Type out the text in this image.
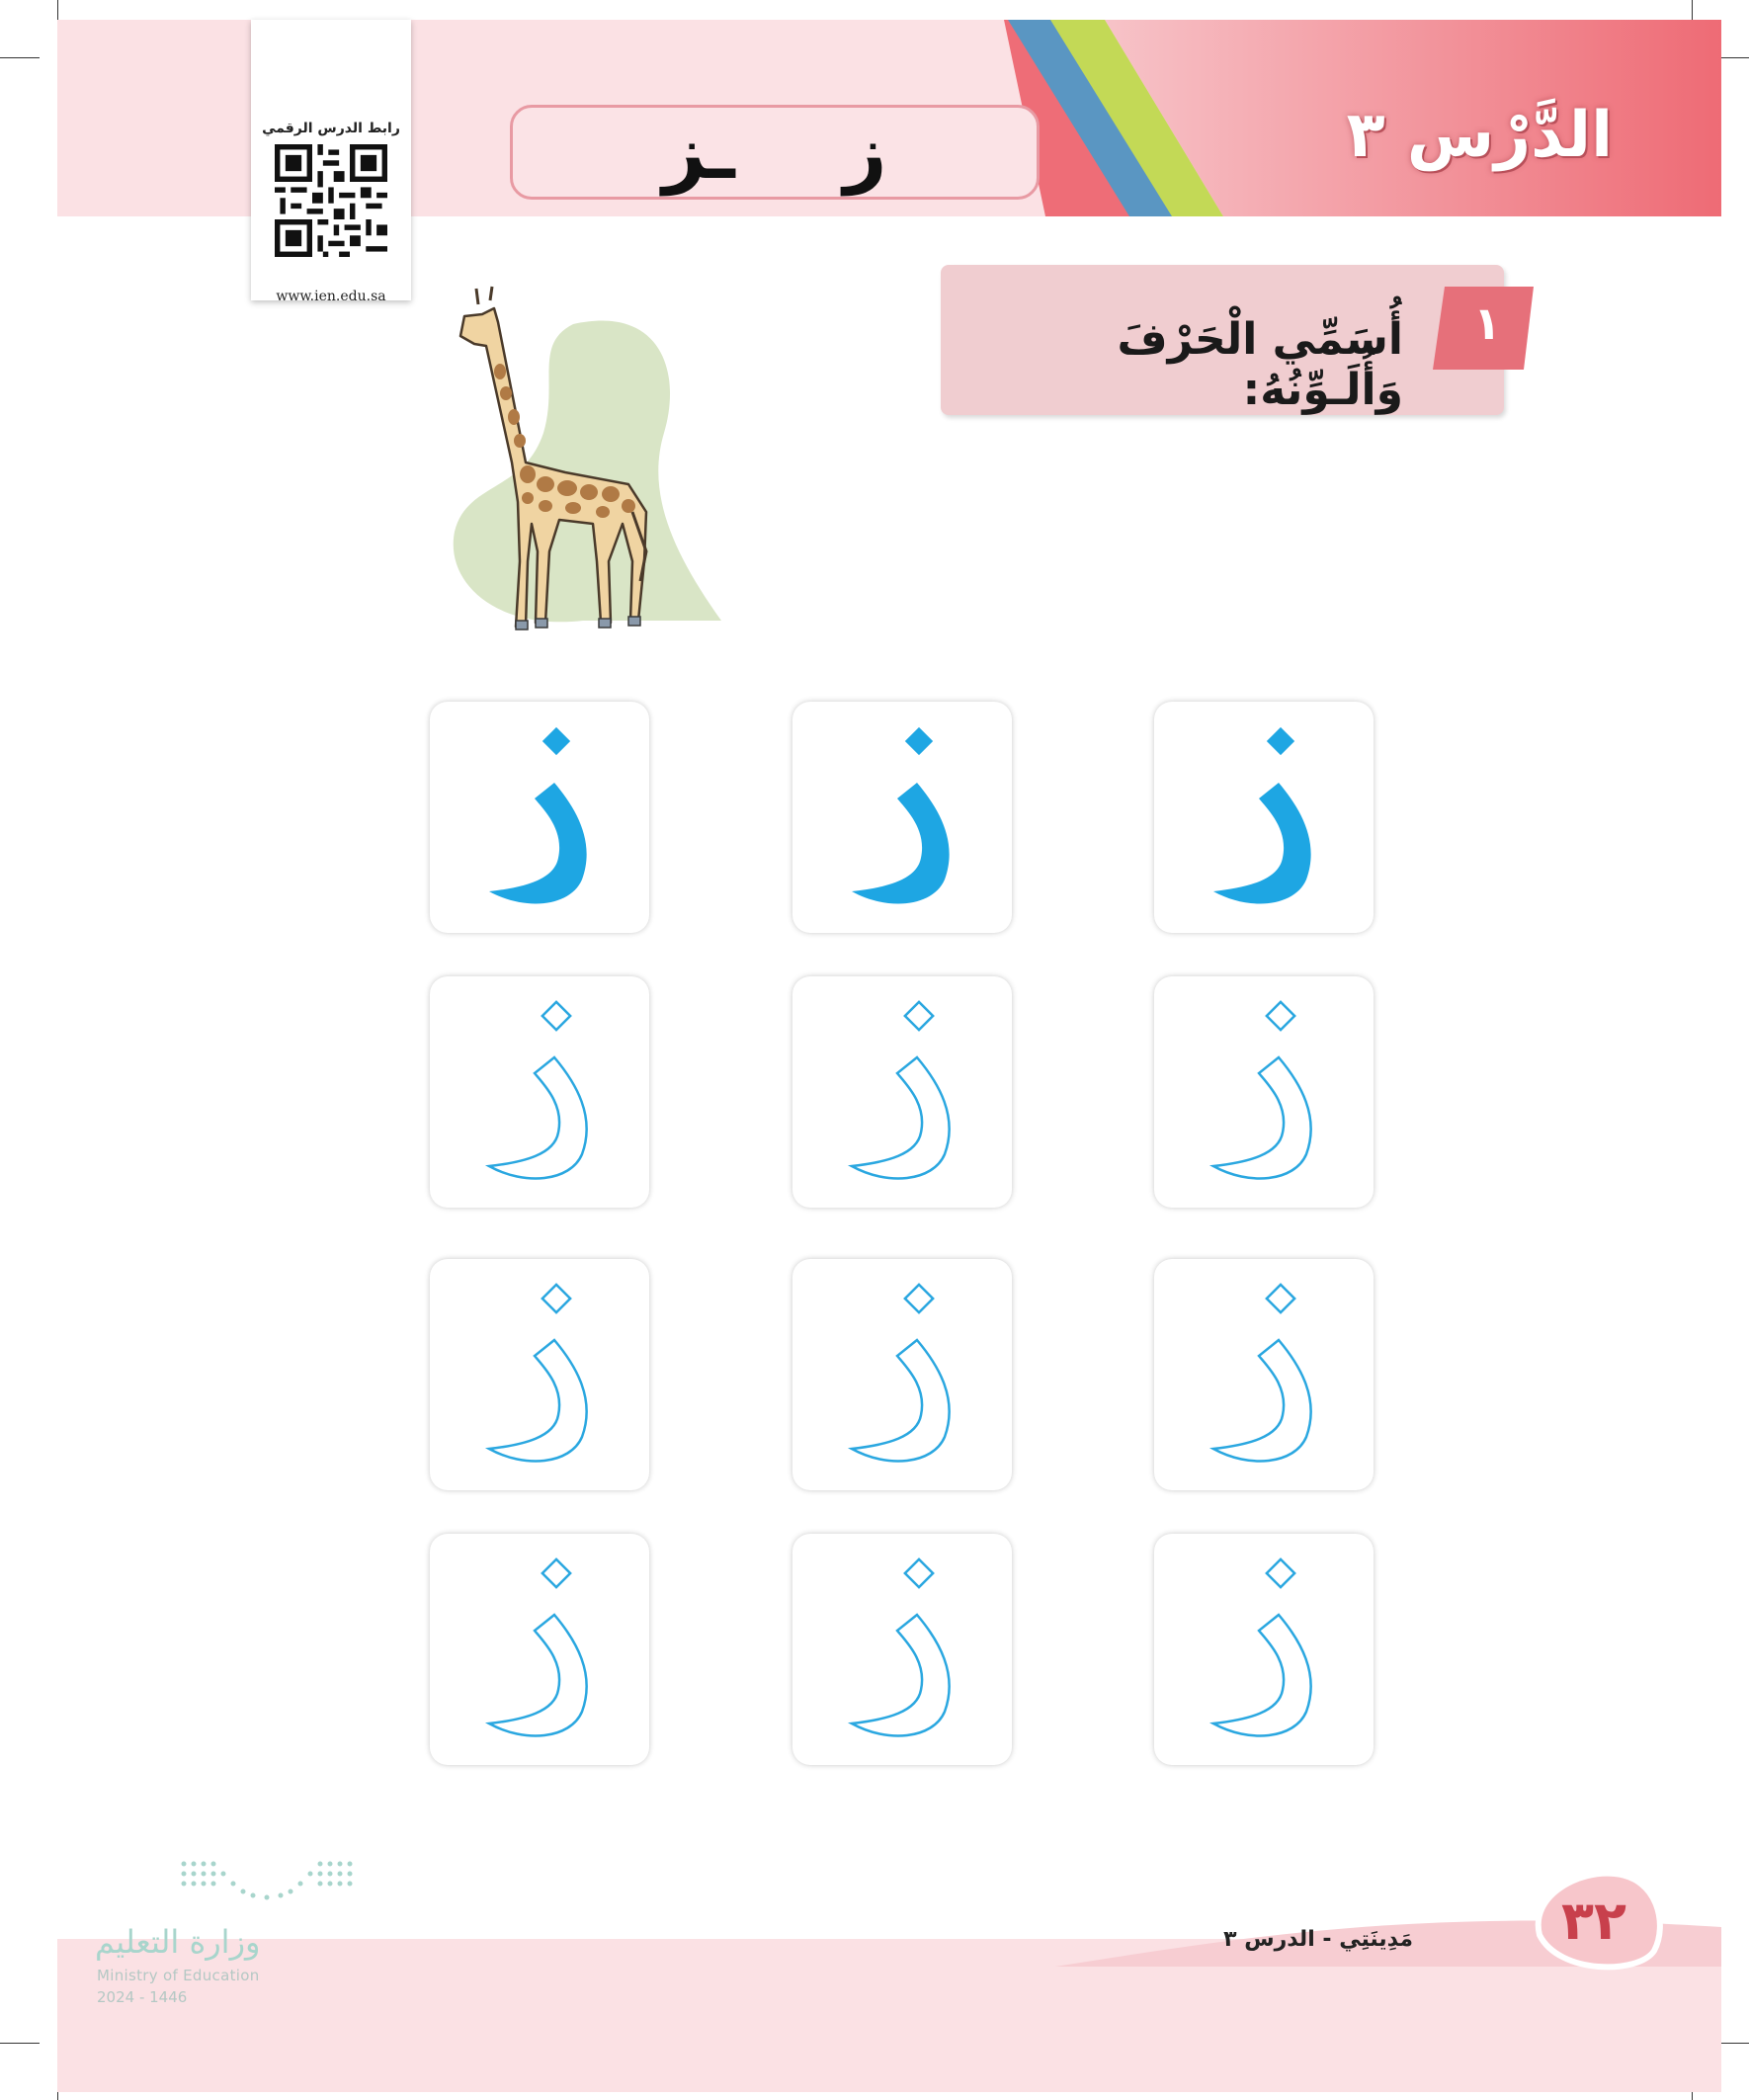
الدَّرْس ٣
ز
ـز
رابط الدرس الرقمي
www.ien.edu.sa	١
أُسَمِّي الْحَرْفَ وَأُلَـوِّنُهُ:
٣٢
مَدِينَتِي - الدرس ٣
وزارة التعليم
Ministry of Education
2024 - 1446
